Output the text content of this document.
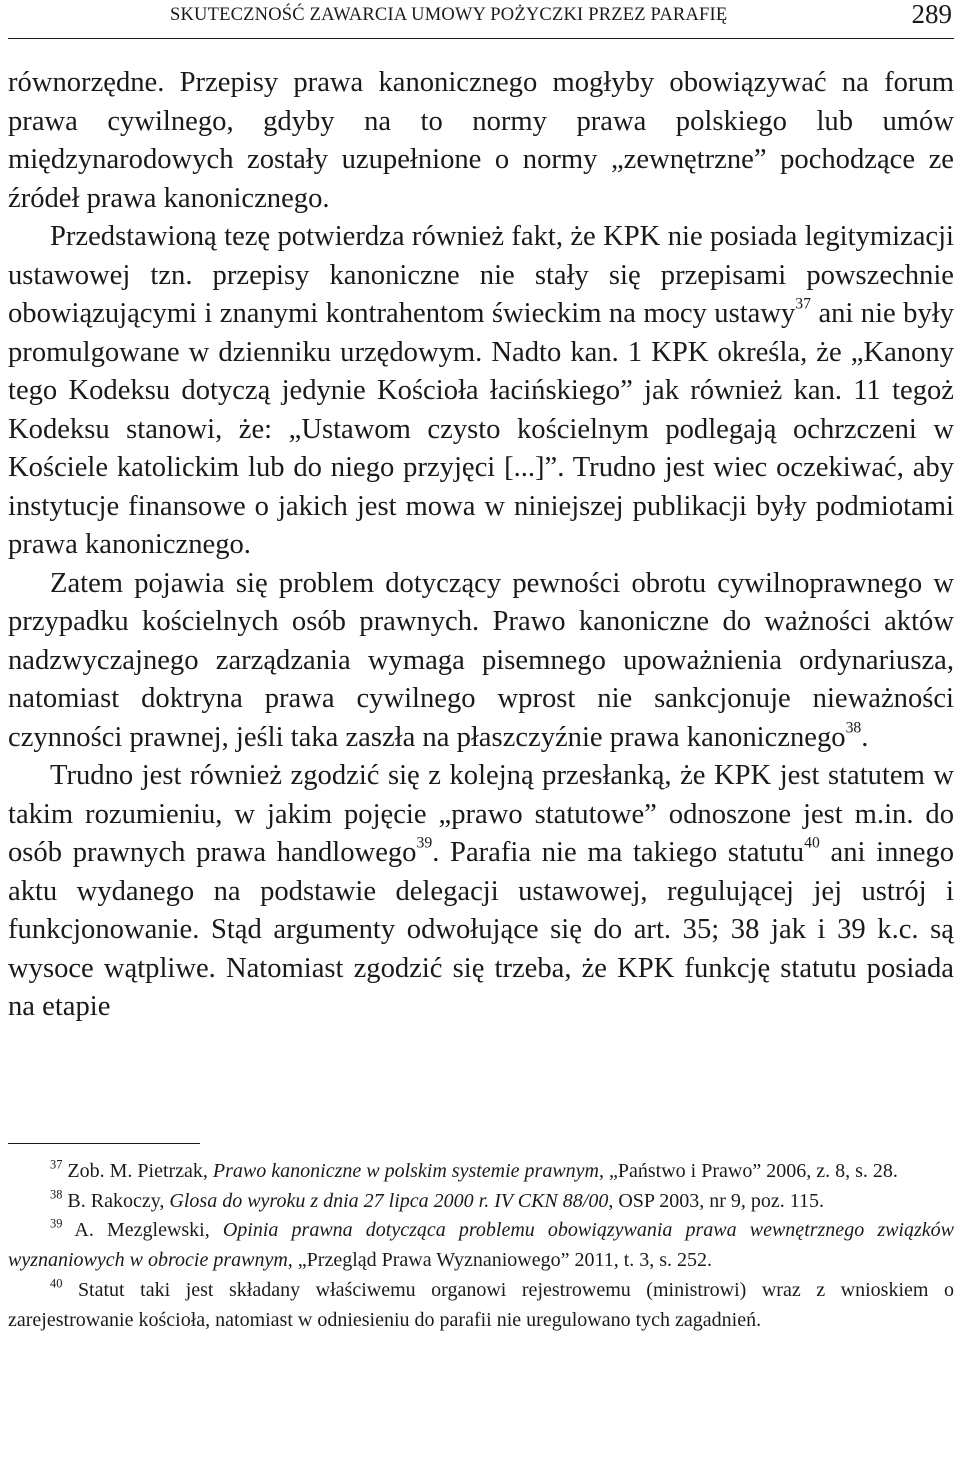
SKUTECZNOŚĆ ZAWARCIA UMOWY POŻYCZKI PRZEZ PARAFIĘ	289

równorzędne. Przepisy prawa kanonicznego mogłyby obowiązywać na forum prawa cywilnego, gdyby na to normy prawa polskiego lub umów międzynarodowych zostały uzupełnione o normy „zewnętrzne” pochodzące ze źródeł prawa kanonicznego.

Przedstawioną tezę potwierdza również fakt, że KPK nie posiada legitymizacji ustawowej tzn. przepisy kanoniczne nie stały się przepisami powszechnie obowiązującymi i znanymi kontrahentom świeckim na mocy ustawy$^{37}$ ani nie były promulgowane w dzienniku urzędowym. Nadto kan. 1 KPK określa, że „Kanony tego Kodeksu dotyczą jedynie Kościoła łacińskiego” jak również kan. 11 tegoż Kodeksu stanowi, że: „Ustawom czysto kościelnym podlegają ochrzczeni w Kościele katolickim lub do niego przyjęci [...]”. Trudno jest wiec oczekiwać, aby instytucje finansowe o jakich jest mowa w niniejszej publikacji były podmiotami prawa kanonicznego.

Zatem pojawia się problem dotyczący pewności obrotu cywilnoprawnego w przypadku kościelnych osób prawnych. Prawo kanoniczne do ważności aktów nadzwyczajnego zarządzania wymaga pisemnego upoważnienia ordynariusza, natomiast doktryna prawa cywilnego wprost nie sankcjonuje nieważności czynności prawnej, jeśli taka zaszła na płaszczyźnie prawa kanonicznego$^{38}$.

Trudno jest również zgodzić się z kolejną przesłanką, że KPK jest statutem w takim rozumieniu, w jakim pojęcie „prawo statutowe” odnoszone jest m.in. do osób prawnych prawa handlowego$^{39}$. Parafia nie ma takiego statutu$^{40}$ ani innego aktu wydanego na podstawie delegacji ustawowej, regulującej jej ustrój i funkcjonowanie. Stąd argumenty odwołujące się do art. 35; 38 jak i 39 k.c. są wysoce wątpliwe. Natomiast zgodzić się trzeba, że KPK funkcję statutu posiada na etapie

$^{37}$ Zob. M. Pietrzak, Prawo kanoniczne w polskim systemie prawnym, „Państwo i Prawo” 2006, z. 8, s. 28.

$^{38}$ B. Rakoczy, Glosa do wyroku z dnia 27 lipca 2000 r. IV CKN 88/00, OSP 2003, nr 9, poz. 115.

$^{39}$ A. Mezglewski, Opinia prawna dotycząca problemu obowiązywania prawa wewnętrznego związków wyznaniowych w obrocie prawnym, „Przegląd Prawa Wyznaniowego” 2011, t. 3, s. 252.

$^{40}$ Statut taki jest składany właściwemu organowi rejestrowemu (ministrowi) wraz z wnioskiem o zarejestrowanie kościoła, natomiast w odniesieniu do parafii nie uregulowano tych zagadnień.
